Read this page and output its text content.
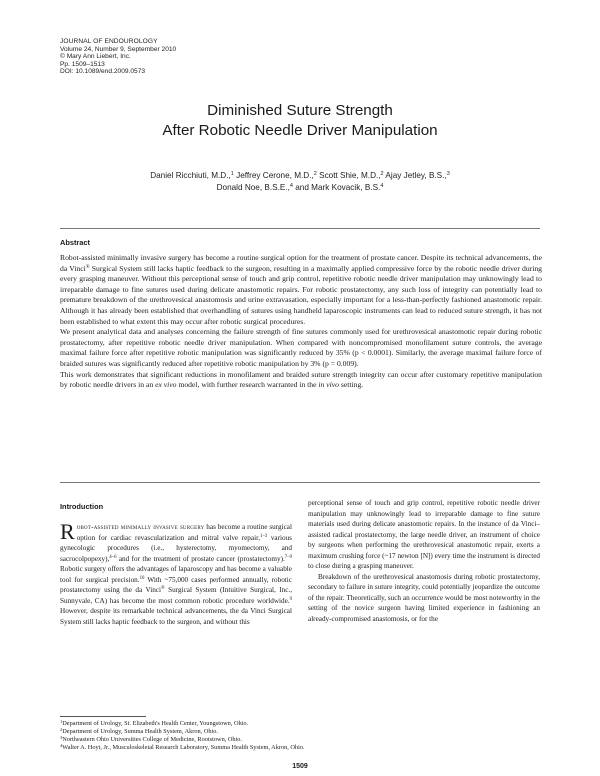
JOURNAL OF ENDOUROLOGY
Volume 24, Number 9, September 2010
© Mary Ann Liebert, Inc.
Pp. 1509–1513
DOI: 10.1089/end.2009.0573
Diminished Suture Strength
After Robotic Needle Driver Manipulation
Daniel Ricchiuti, M.D.,$^1$ Jeffrey Cerone, M.D.,$^2$ Scott Shie, M.D.,$^2$ Ajay Jetley, B.S.,$^3$
Donald Noe, B.S.E.,$^4$ and Mark Kovacik, B.S.$^4$
Abstract

Robot-assisted minimally invasive surgery has become a routine surgical option for the treatment of prostate cancer. Despite its technical advancements, the da Vinci® Surgical System still lacks haptic feedback to the surgeon, resulting in a maximally applied compressive force by the robotic needle driver during every grasping maneuver. Without this perceptional sense of touch and grip control, repetitive robotic needle driver manipulation may unknowingly lead to irreparable damage to fine sutures used during delicate anastomotic repairs. For robotic prostatectomy, any such loss of integrity can potentially lead to premature breakdown of the urethrovesical anastomosis and urine extravasation, especially important for a less-than-perfectly fashioned anastomotic repair. Although it has already been established that overhandling of sutures using handheld laparoscopic instruments can lead to reduced suture strength, it has not been established to what extent this may occur after robotic surgical procedures.

We present analytical data and analyses concerning the failure strength of fine sutures commonly used for urethrovesical anastomotic repair during robotic prostatectomy, after repetitive robotic needle driver manipulation. When compared with noncompromised monofilament suture controls, the average maximal failure force after repetitive robotic manipulation was significantly reduced by 35% (p < 0.0001). Similarly, the average maximal failure force of braided sutures was significantly reduced after repetitive robotic manipulation by 3% (p = 0.009).

This work demonstrates that significant reductions in monofilament and braided suture strength integrity can occur after customary repetitive manipulation by robotic needle drivers in an ex vivo model, with further research warranted in the in vivo setting.

Introduction

Robot-assisted minimally invasive surgery has become a routine surgical option for cardiac revascularization and mitral valve repair,$^{1-3}$ various gynecologic procedures (i.e., hysterectomy, myomectomy, and sacrocolpopexy),$^{4-6}$ and for the treatment of prostate cancer (prostatectomy).$^{7-9}$ Robotic surgery offers the advantages of laparoscopy and has become a valuable tool for surgical precision.$^{10}$ With ~75,000 cases performed annually, robotic prostatectomy using the da Vinci® Surgical System (Intuitive Surgical, Inc., Sunnyvale, CA) has become the most common robotic procedure worldwide.$^9$ However, despite its remarkable technical advancements, the da Vinci Surgical System still lacks haptic feedback to the surgeon, and without this

perceptional sense of touch and grip control, repetitive robotic needle driver manipulation may unknowingly lead to irreparable damage to fine suture materials used during delicate anastomotic repairs. In the instance of da Vinci–assisted radical prostatectomy, the large needle driver, an instrument of choice by surgeons when performing the urethrovesical anastomotic repair, exerts a maximum crushing force (~17 newton [N]) every time the instrument is directed to close during a grasping maneuver.

Breakdown of the urethrovesical anastomosis during robotic prostatectomy, secondary to failure in suture integrity, could potentially jeopardize the outcome of the repair. Theoretically, such an occurrence would be most noteworthy in the setting of the novice surgeon having limited experience in fashioning an already-compromised anastomosis, or for the

$^1$Department of Urology, St. Elizabeth's Health Center, Youngstown, Ohio.
$^2$Department of Urology, Summa Health System, Akron, Ohio.
$^3$Northeastern Ohio Universities College of Medicine, Rootstown, Ohio.
$^4$Walter A. Hoyt, Jr., Musculoskeletal Research Laboratory, Summa Health System, Akron, Ohio.
1509
